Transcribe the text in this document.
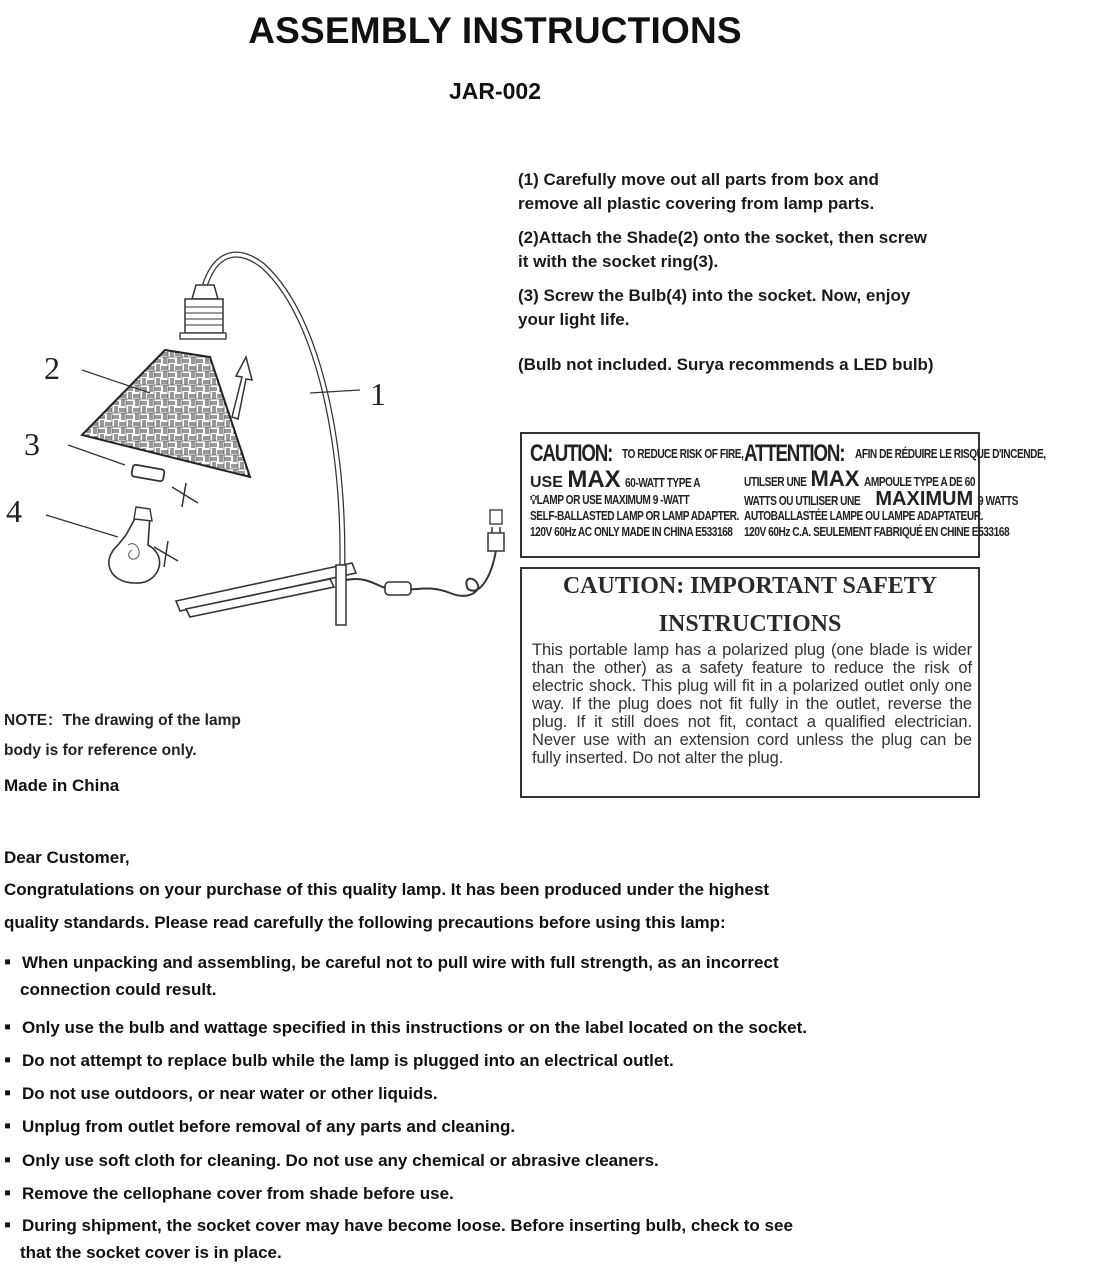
ASSEMBLY INSTRUCTIONS
JAR-002
(1) Carefully move out all parts from box and
remove all plastic covering from lamp parts.
(2)Attach the Shade(2) onto the socket, then screw
it with the socket ring(3).
(3) Screw the Bulb(4) into the socket. Now, enjoy
your light life.
(Bulb not included. Surya recommends a LED bulb)
1
2
3
4
CAUTION: TO REDUCE RISK OF FIRE,
USE MAX 60-WATT TYPE A
💡︎LAMP OR USE MAXIMUM 9 -WATT
SELF-BALLASTED LAMP OR LAMP ADAPTER.
120V 60Hz AC ONLY MADE IN CHINA E533168
ATTENTION: AFIN DE RÉDUIRE LE RISQUE D'INCENDE,
UTILSER UNE MAX AMPOULE TYPE A DE 60
WATTS OU UTILISER UNE MAXIMUM 9 WATTS
AUTOBALLASTÉE LAMPE OU LAMPE ADAPTATEUR.
120V 60Hz C.A. SEULEMENT FABRIQUÉ EN CHINE E533168
CAUTION: IMPORTANT SAFETY
INSTRUCTIONS
This portable lamp has a polarized plug (one blade is wider than the other) as a safety feature to reduce the risk of electric shock. This plug will fit in a polarized outlet only one way. If the plug does not fit fully in the outlet, reverse the plug. If it still does not fit, contact a qualified electrician. Never use with an extension cord unless the plug can be fully inserted. Do not alter the plug.
NOTE：The drawing of the lamp
body is for reference only.
Made in China
Dear Customer,
Congratulations on your purchase of this quality lamp. It has been produced under the highest
quality standards. Please read carefully the following precautions before using this lamp:
▪ When unpacking and assembling, be careful not to pull wire with full strength, as an incorrect
connection could result.
▪ Only use the bulb and wattage specified in this instructions or on the label located on the socket.
▪ Do not attempt to replace bulb while the lamp is plugged into an electrical outlet.
▪ Do not use outdoors, or near water or other liquids.
▪ Unplug from outlet before removal of any parts and cleaning.
▪ Only use soft cloth for cleaning. Do not use any chemical or abrasive cleaners.
▪ Remove the cellophane cover from shade before use.
▪ During shipment, the socket cover may have become loose. Before inserting bulb, check to see
that the socket cover is in place.
